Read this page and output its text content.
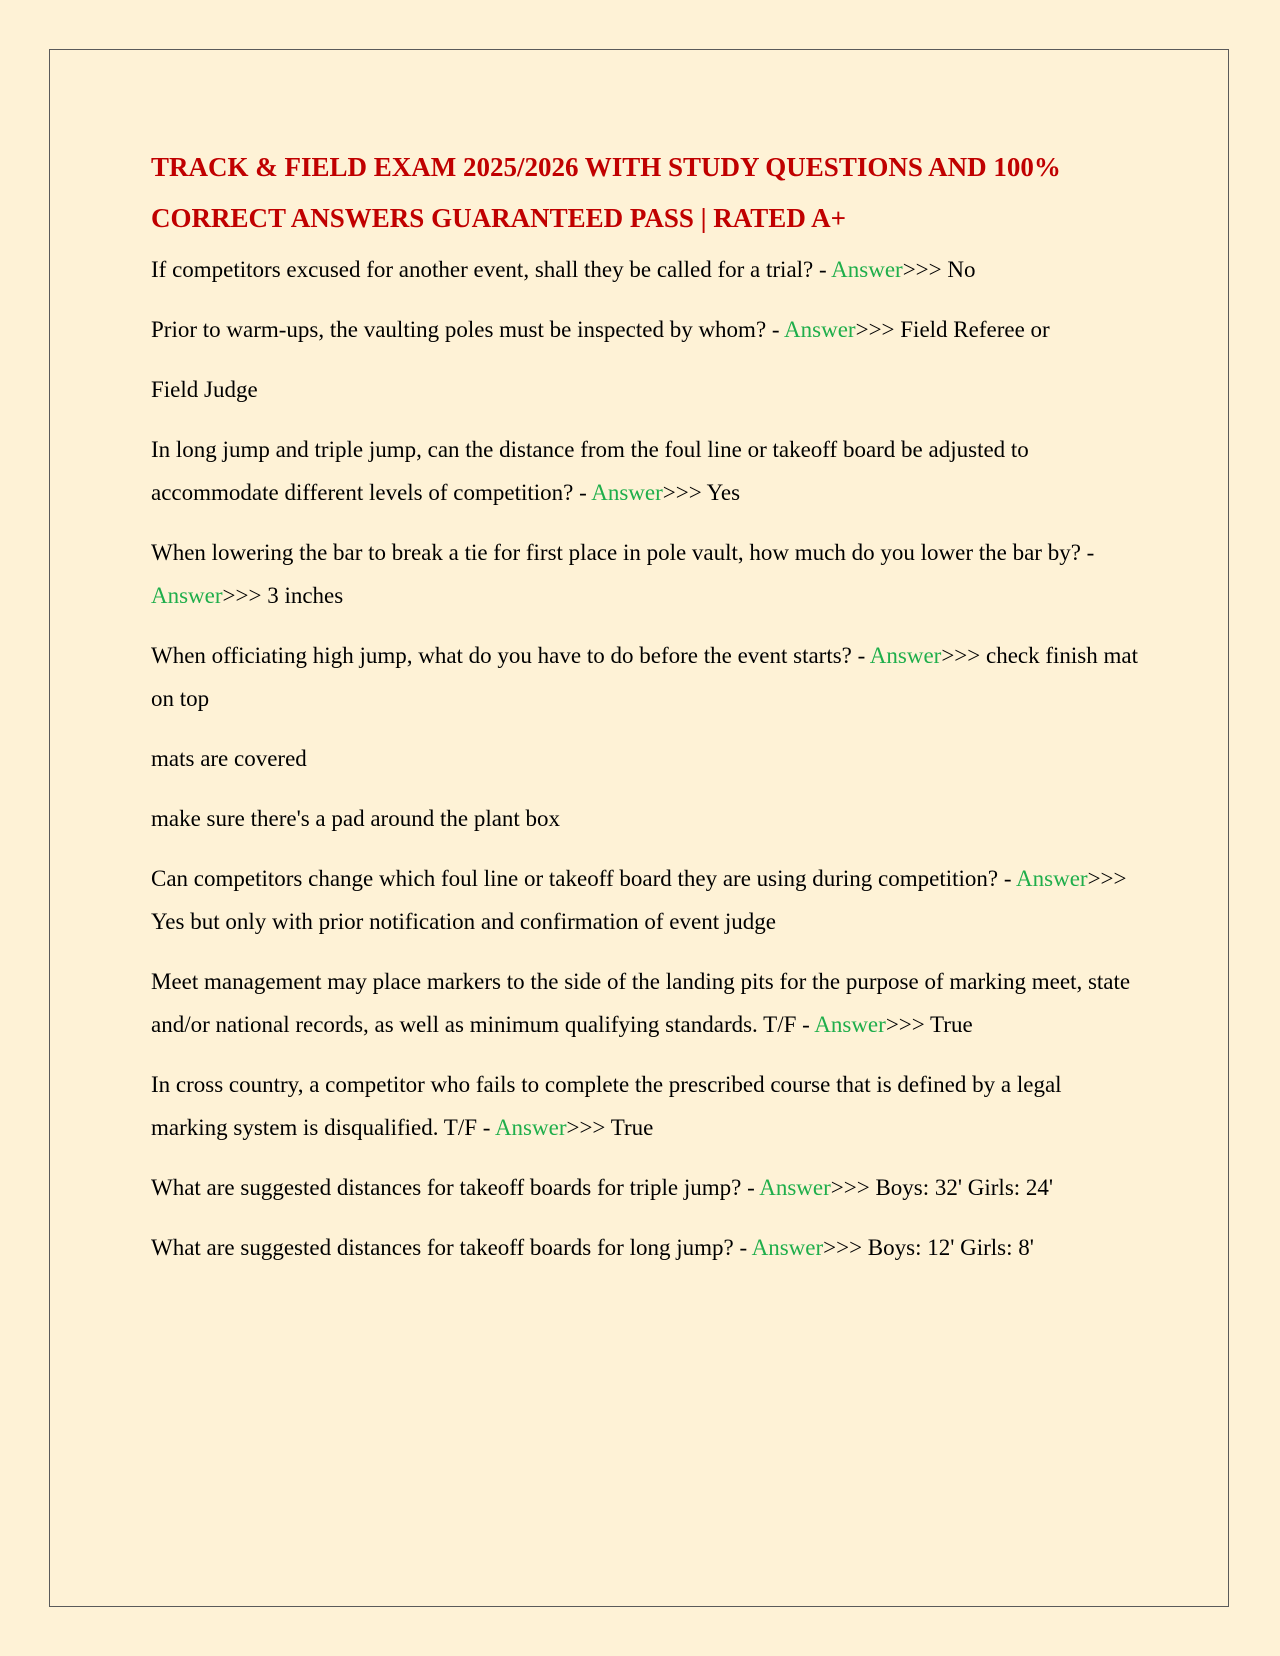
TRACK & FIELD EXAM 2025/2026 WITH STUDY QUESTIONS AND 100% CORRECT ANSWERS GUARANTEED PASS | RATED A+

If competitors excused for another event, shall they be called for a trial? - Answer>>> No

Prior to warm-ups, the vaulting poles must be inspected by whom? - Answer>>> Field Referee or

Field Judge

In long jump and triple jump, can the distance from the foul line or takeoff board be adjusted to accommodate different levels of competition? - Answer>>> Yes

When lowering the bar to break a tie for first place in pole vault, how much do you lower the bar by? - Answer>>> 3 inches

When officiating high jump, what do you have to do before the event starts? - Answer>>> check finish mat on top

mats are covered

make sure there's a pad around the plant box

Can competitors change which foul line or takeoff board they are using during competition? - Answer>>> Yes but only with prior notification and confirmation of event judge

Meet management may place markers to the side of the landing pits for the purpose of marking meet, state and/or national records, as well as minimum qualifying standards. T/F - Answer>>> True

In cross country, a competitor who fails to complete the prescribed course that is defined by a legal marking system is disqualified. T/F - Answer>>> True

What are suggested distances for takeoff boards for triple jump? - Answer>>> Boys: 32' Girls: 24'

What are suggested distances for takeoff boards for long jump? - Answer>>> Boys: 12' Girls: 8'
